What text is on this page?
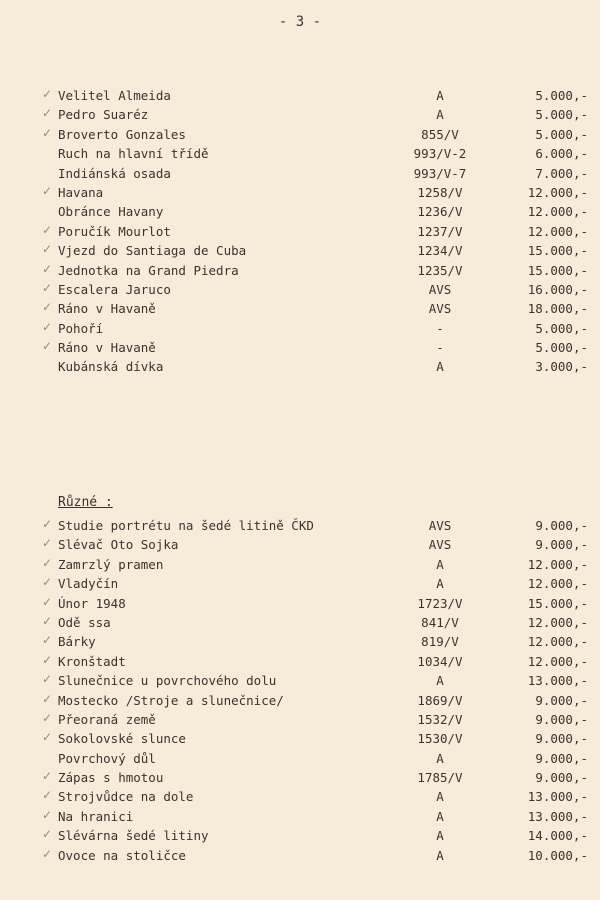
- 3 -
✓ Velitel Almeida	A	5.000,-
✓ Pedro Suaréz	A	5.000,-
✓ Broverto Gonzales	855/V	5.000,-
Ruch na hlavní třídě	993/V-2	6.000,-
Indiánská osada	993/V-7	7.000,-
✓ Havana	1258/V	12.000,-
Obránce Havany	1236/V	12.000,-
✓ Poručík Mourlot	1237/V	12.000,-
✓ Vjezd do Santiaga de Cuba	1234/V	15.000,-
✓ Jednotka na Grand Piedra	1235/V	15.000,-
✓ Escalera Jaruco	AVS	16.000,-
✓ Ráno v Havaně	AVS	18.000,-
✓ Pohoří	-	5.000,-
✓ Ráno v Havaně	-	5.000,-
Kubánská dívka	A	3.000,-
Různé :
✓ Studie portrétu na šedé litině ČKD	AVS	9.000,-
✓ Slévač Oto Sojka	AVS	9.000,-
✓ Zamrzlý pramen	A	12.000,-
✓ Vladyčín	A	12.000,-
✓ Únor 1948	1723/V	15.000,-
✓ Odě ssa	841/V	12.000,-
✓ Bárky	819/V	12.000,-
✓ Kronštadt	1034/V	12.000,-
✓ Slunečnice u povrchového dolu	A	13.000,-
✓ Mostecko /Stroje a slunečnice/	1869/V	9.000,-
✓ Přeoraná země	1532/V	9.000,-
✓ Sokolovské slunce	1530/V	9.000,-
Povrchový důl	A	9.000,-
✓ Zápas s hmotou	1785/V	9.000,-
✓ Strojvůdce na dole	A	13.000,-
✓ Na hranici	A	13.000,-
✓ Slévárna šedé litiny	A	14.000,-
✓ Ovoce na stoličce	A	10.000,-
